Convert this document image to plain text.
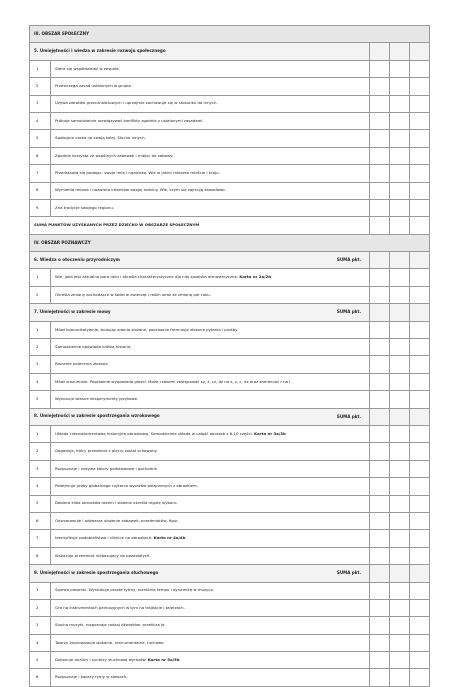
III. OBSZAR SPOŁECZNY				
5. Umiejętności i wiedza w zakresie rozwoju społecznego				
1	Stara się współdziałać w zespole.			
2	Przestrzega zasad ustalonych w grupie.			
3	Używa zwrotów grzecznościowych i uprzejmie zachowuje się w stosunku do innych.			
4	Próbuje samodzielnie rozwiązywać konflikty zgodnie z ustalonymi zasadami.			
5	Spokojnie czeka na swoją kolej. Słucha innych.			
6	Zgodnie korzysta ze wspólnych zabawek i miejsc do zabawy.			
7	Przedstawia się podając: swoje imię i nazwisko. Wie w jakim mieszka mieście i kraju.			
8	Wymienia imiona i nazwiska członków swojej rodziny. Wie, czym się zajmują zawodowo.			
9	Zna tradycje swojego regionu.			
SUMA PUNKTÓW UZYSKANYCH PRZEZ DZIECKO W OBSZARZE SPOŁECZNYM				
IV. OBSZAR POZNAWCZY				
6. Wiedza o otoczeniu przyrodniczym SUMA pkt.				

1	Wie, jaka jest aktualna pora roku i określa charakterystyczne dla niej zjawiska atmosferyczne. Karta nr 2a/2b			
2	Określa zmiany zachodzące w świecie zwierząt i roślin wraz ze zmianą pór roku.			
7. Umiejętności w zakresie mowy SUMA pkt.				

1	Mówi komunikatywnie, budując zdania złożone, poprawnie formułuje złożone pytania i prośby.			
2	Samodzielnie opowiada krótką historię.			
3	Rozumie polecenia złożone.			
4	Mówi zrozumiale. Poprawnie wypowiada głoski. Może czasami zastępować sz, ż, cz, dż na s, z, c, dz oraz zamieniać r na l.			
5	Wykonuje własne eksperymenty językowe.			
8. Umiejętności w zakresie spostrzegania wzrokowego SUMA pkt.				

1	Układa czteroelementową historyjkę obrazkową. Samodzielnie składa w całość obrazek z 6-10 części. Karta nr 3a/3b			
2	Odgaduje, który przedmiot z pięciu został schowany.			
3	Rozpoznaje i nazywa kolory podstawowe i pochodne.			
4	Podejmuje próby globalnego czytania wyrazów połączonych z obrazkiem.			
5	Dobiera kilka obrazków razem i słownie określa regułę wyboru.			
6	Odwzorowuje i odtwarza ułożenie zabawek, przedmiotów, figur.			
7	Identyfikuje podobieństwa i różnice na obrazkach. Karta nr 4a/4b			
8	Wskazuje przedmiot niepasujący do pozostałych.			
9. Umiejętności w zakresie spostrzegania słuchowego SUMA pkt.				

1	Śpiewa piosenki. Wystukuje proste rytmy, rozróżnia tempo i dynamikę w muzyce.			
2	Gra na instrumentach perkusyjnych w tym na trójkącie i talerzach.			
3	Słucha muzyki, rozpoznaje rodzaj dźwięków, przelicza je.			
4	Tworzy improwizacje wokalne, instrumentalne, ruchowe.			
5	Dokonuje analizy i syntezy słuchowej wyrazów. Karta nr 5a/5b			
6	Rozpoznaje i tworzy rymy w słowach.			
